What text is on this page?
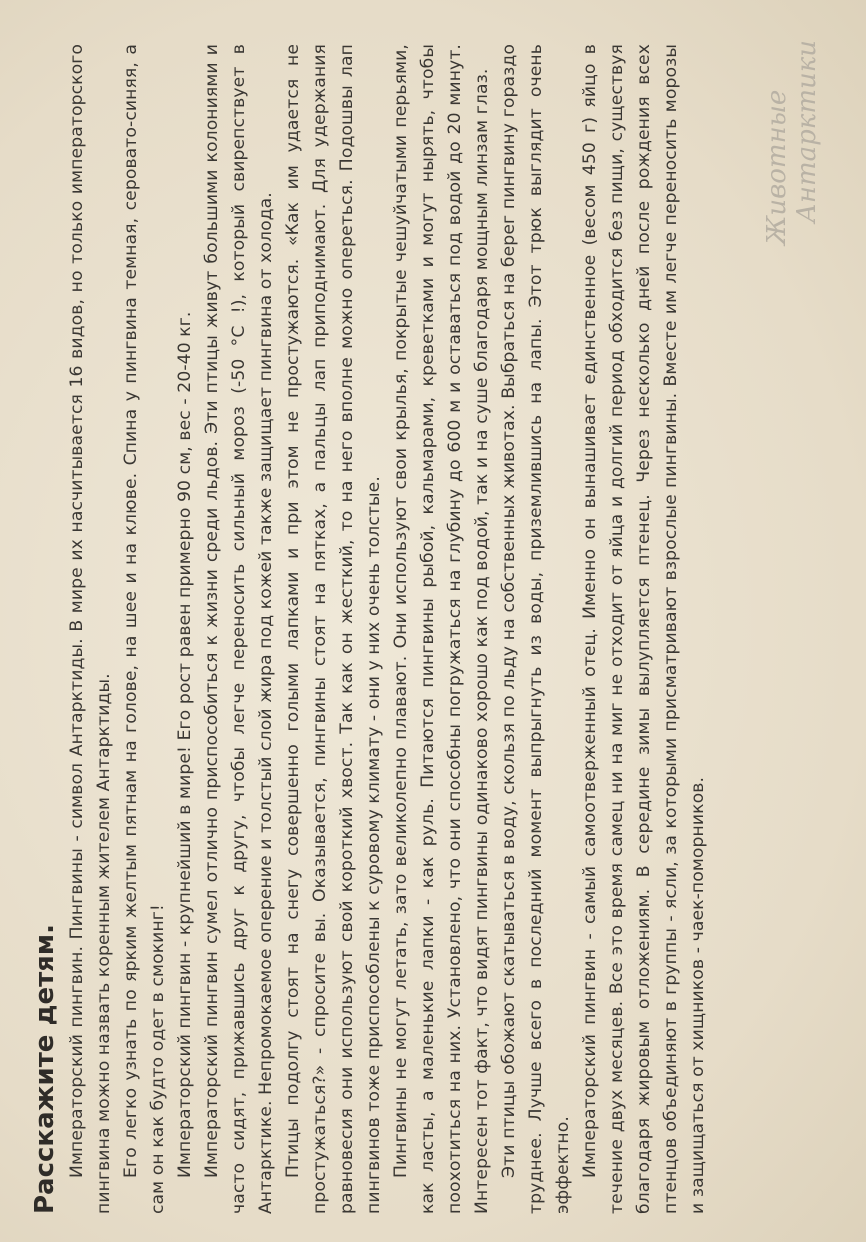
Расскажите детям. Императорский пингвин. Пингвины - символ Антарктиды. В мире их насчитывается 16 видов, но только императорского пингвина можно назвать коренным жителем Антарктиды. Его легко узнать по ярким желтым пятнам на голове, на шее и на клюве. Спина у пингвина темная, серовато-синяя, а сам он как будто одет в смокинг! Императорский пингвин - крупнейший в мире! Его рост равен примерно 90 см, вес - 20-40 кг. Императорский пингвин сумел отлично приспособиться к жизни среди льдов. Эти птицы живут большими колониями и часто сидят, прижавшись друг к другу, чтобы легче переносить сильный мороз (-50 °С !), который свирепствует в Антарктике. Непромокаемое оперение и толстый слой жира под кожей также защищает пингвина от холода. Птицы подолгу стоят на снегу совершенно голыми лапками и при этом не простужаются. «Как им удается не простужаться?» - спросите вы. Оказывается, пингвины стоят на пятках, а пальцы лап приподнимают. Для удержания равновесия они используют свой короткий хвост. Так как он жесткий, то на него вполне можно опереться. Подошвы лап пингвинов тоже приспособлены к суровому климату - они у них очень толстые. Пингвины не могут летать, зато великолепно плавают. Они используют свои крылья, покрытые чешуйчатыми перьями, как ласты, а маленькие лапки - как руль. Питаются пингвины рыбой, кальмарами, креветками и могут нырять, чтобы поохотиться на них. Установлено, что они способны погружаться на глубину до 600 м и оставаться под водой до 20 минут. Интересен тот факт, что видят пингвины одинаково хорошо как под водой, так и на суше благодаря мощным линзам глаз. Эти птицы обожают скатываться в воду, скользя по льду на собственных животах. Выбраться на берег пингвину гораздо труднее. Лучше всего в последний момент выпрыгнуть из воды, приземлившись на лапы. Этот трюк выглядит очень эффектно. Императорский пингвин - самый самоотверженный отец. Именно он вынашивает единственное (весом 450 г) яйцо в течение двух месяцев. Все это время самец ни на миг не отходит от яйца и долгий период обходится без пищи, существуя благодаря жировым отложениям. В середине зимы вылупляется птенец. Через несколько дней после рождения всех птенцов объединяют в группы - ясли, за которыми присматривают взрослые пингвины. Вместе им легче переносить морозы и защищаться от хищников - чаек-поморников.

Животные Антарктики
